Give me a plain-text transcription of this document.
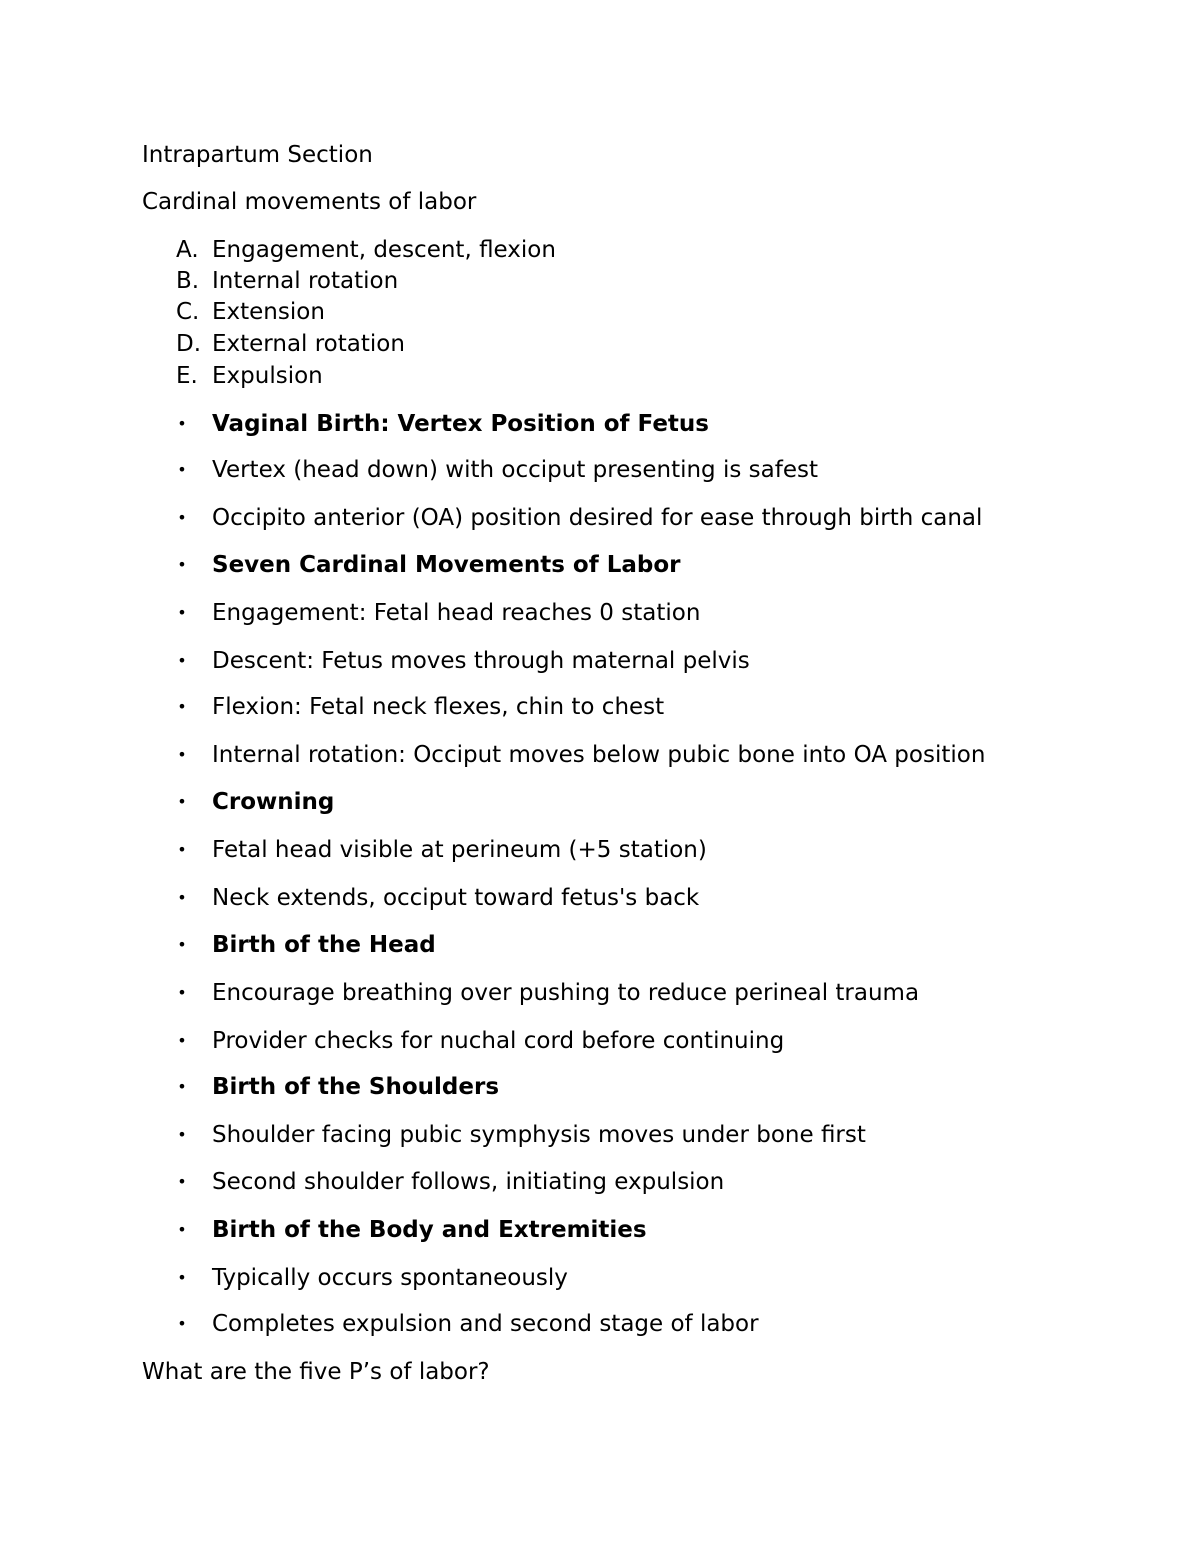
Intrapartum Section
Cardinal movements of labor
A. Engagement, descent, flexion
B. Internal rotation
C. Extension
D. External rotation
E. Expulsion
• Vaginal Birth: Vertex Position of Fetus
• Vertex (head down) with occiput presenting is safest
• Occipito anterior (OA) position desired for ease through birth canal
• Seven Cardinal Movements of Labor
• Engagement: Fetal head reaches 0 station
• Descent: Fetus moves through maternal pelvis
• Flexion: Fetal neck flexes, chin to chest
• Internal rotation: Occiput moves below pubic bone into OA position
• Crowning
• Fetal head visible at perineum (+5 station)
• Neck extends, occiput toward fetus's back
• Birth of the Head
• Encourage breathing over pushing to reduce perineal trauma
• Provider checks for nuchal cord before continuing
• Birth of the Shoulders
• Shoulder facing pubic symphysis moves under bone first
• Second shoulder follows, initiating expulsion
• Birth of the Body and Extremities
• Typically occurs spontaneously
• Completes expulsion and second stage of labor
What are the five P’s of labor?
